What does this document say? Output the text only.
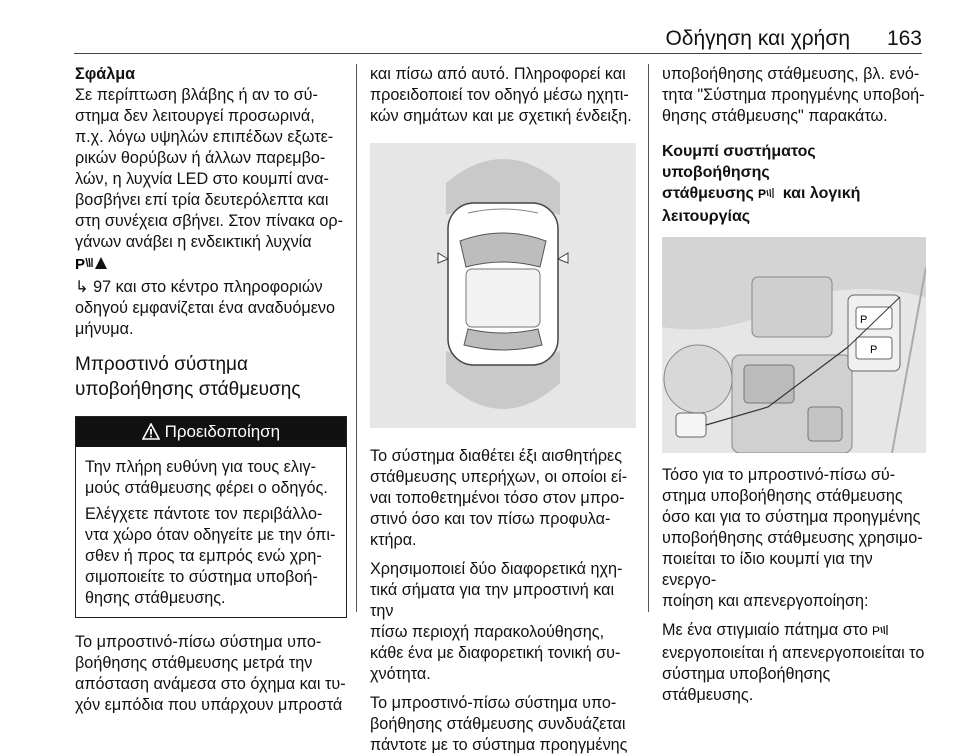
Οδήγηση και χρήση 163

Σφάλμα

Σε περίπτωση βλάβης ή αν το σύ-
στημα δεν λειτουργεί προσωρινά,
π.χ. λόγω υψηλών επιπέδων εξωτε-
ρικών θορύβων ή άλλων παρεμβο-
λών, η λυχνία LED στο κουμπί ανα-
βοσβήνει επί τρία δευτερόλεπτα και
στη συνέχεια σβήνει. Στον πίνακα ορ-
γάνων ανάβει η ενδεικτική λυχνία
P

↳ 97 και στο κέντρο πληροφοριών
οδηγού εμφανίζεται ένα αναδυόμενο
μήνυμα.

Μπροστινό σύστημα
υποβοήθησης στάθμευσης

Προειδοποίηση

Την πλήρη ευθύνη για τους ελιγ-
μούς στάθμευσης φέρει ο οδηγός.

Ελέγχετε πάντοτε τον περιβάλλο-
ντα χώρο όταν οδηγείτε με την όπι-
σθεν ή προς τα εμπρός ενώ χρη-
σιμοποιείτε το σύστημα υποβοή-
θησης στάθμευσης.

Το μπροστινό-πίσω σύστημα υπο-
βοήθησης στάθμευσης μετρά την
απόσταση ανάμεσα στο όχημα και τυ-
χόν εμπόδια που υπάρχουν μπροστά

και πίσω από αυτό. Πληροφορεί και
προειδοποιεί τον οδηγό μέσω ηχητι-
κών σημάτων και με σχετική ένδειξη.

Το σύστημα διαθέτει έξι αισθητήρες
στάθμευσης υπερήχων, οι οποίοι εί-
ναι τοποθετημένοι τόσο στον μπρο-
στινό όσο και τον πίσω προφυλα-
κτήρα.

Χρησιμοποιεί δύο διαφορετικά ηχη-
τικά σήματα για την μπροστινή και την
πίσω περιοχή παρακολούθησης,
κάθε ένα με διαφορετική τονική συ-
χνότητα.

Το μπροστινό-πίσω σύστημα υπο-
βοήθησης στάθμευσης συνδυάζεται
πάντοτε με το σύστημα προηγμένης

υποβοήθησης στάθμευσης, βλ. ενό-
τητα "Σύστημα προηγμένης υποβοή-
θησης στάθμευσης" παρακάτω.

Κουμπί συστήματος υποβοήθησης
στάθμευσης P και λογική
λειτουργίας

P
P

Τόσο για το μπροστινό-πίσω σύ-
στημα υποβοήθησης στάθμευσης
όσο και για το σύστημα προηγμένης
υποβοήθησης στάθμευσης χρησιμο-
ποιείται το ίδιο κουμπί για την ενεργο-
ποίηση και απενεργοποίηση:

Με ένα στιγμιαίο πάτημα στο P

ενεργοποιείται ή απενεργοποιείται το
σύστημα υποβοήθησης στάθμευσης.
